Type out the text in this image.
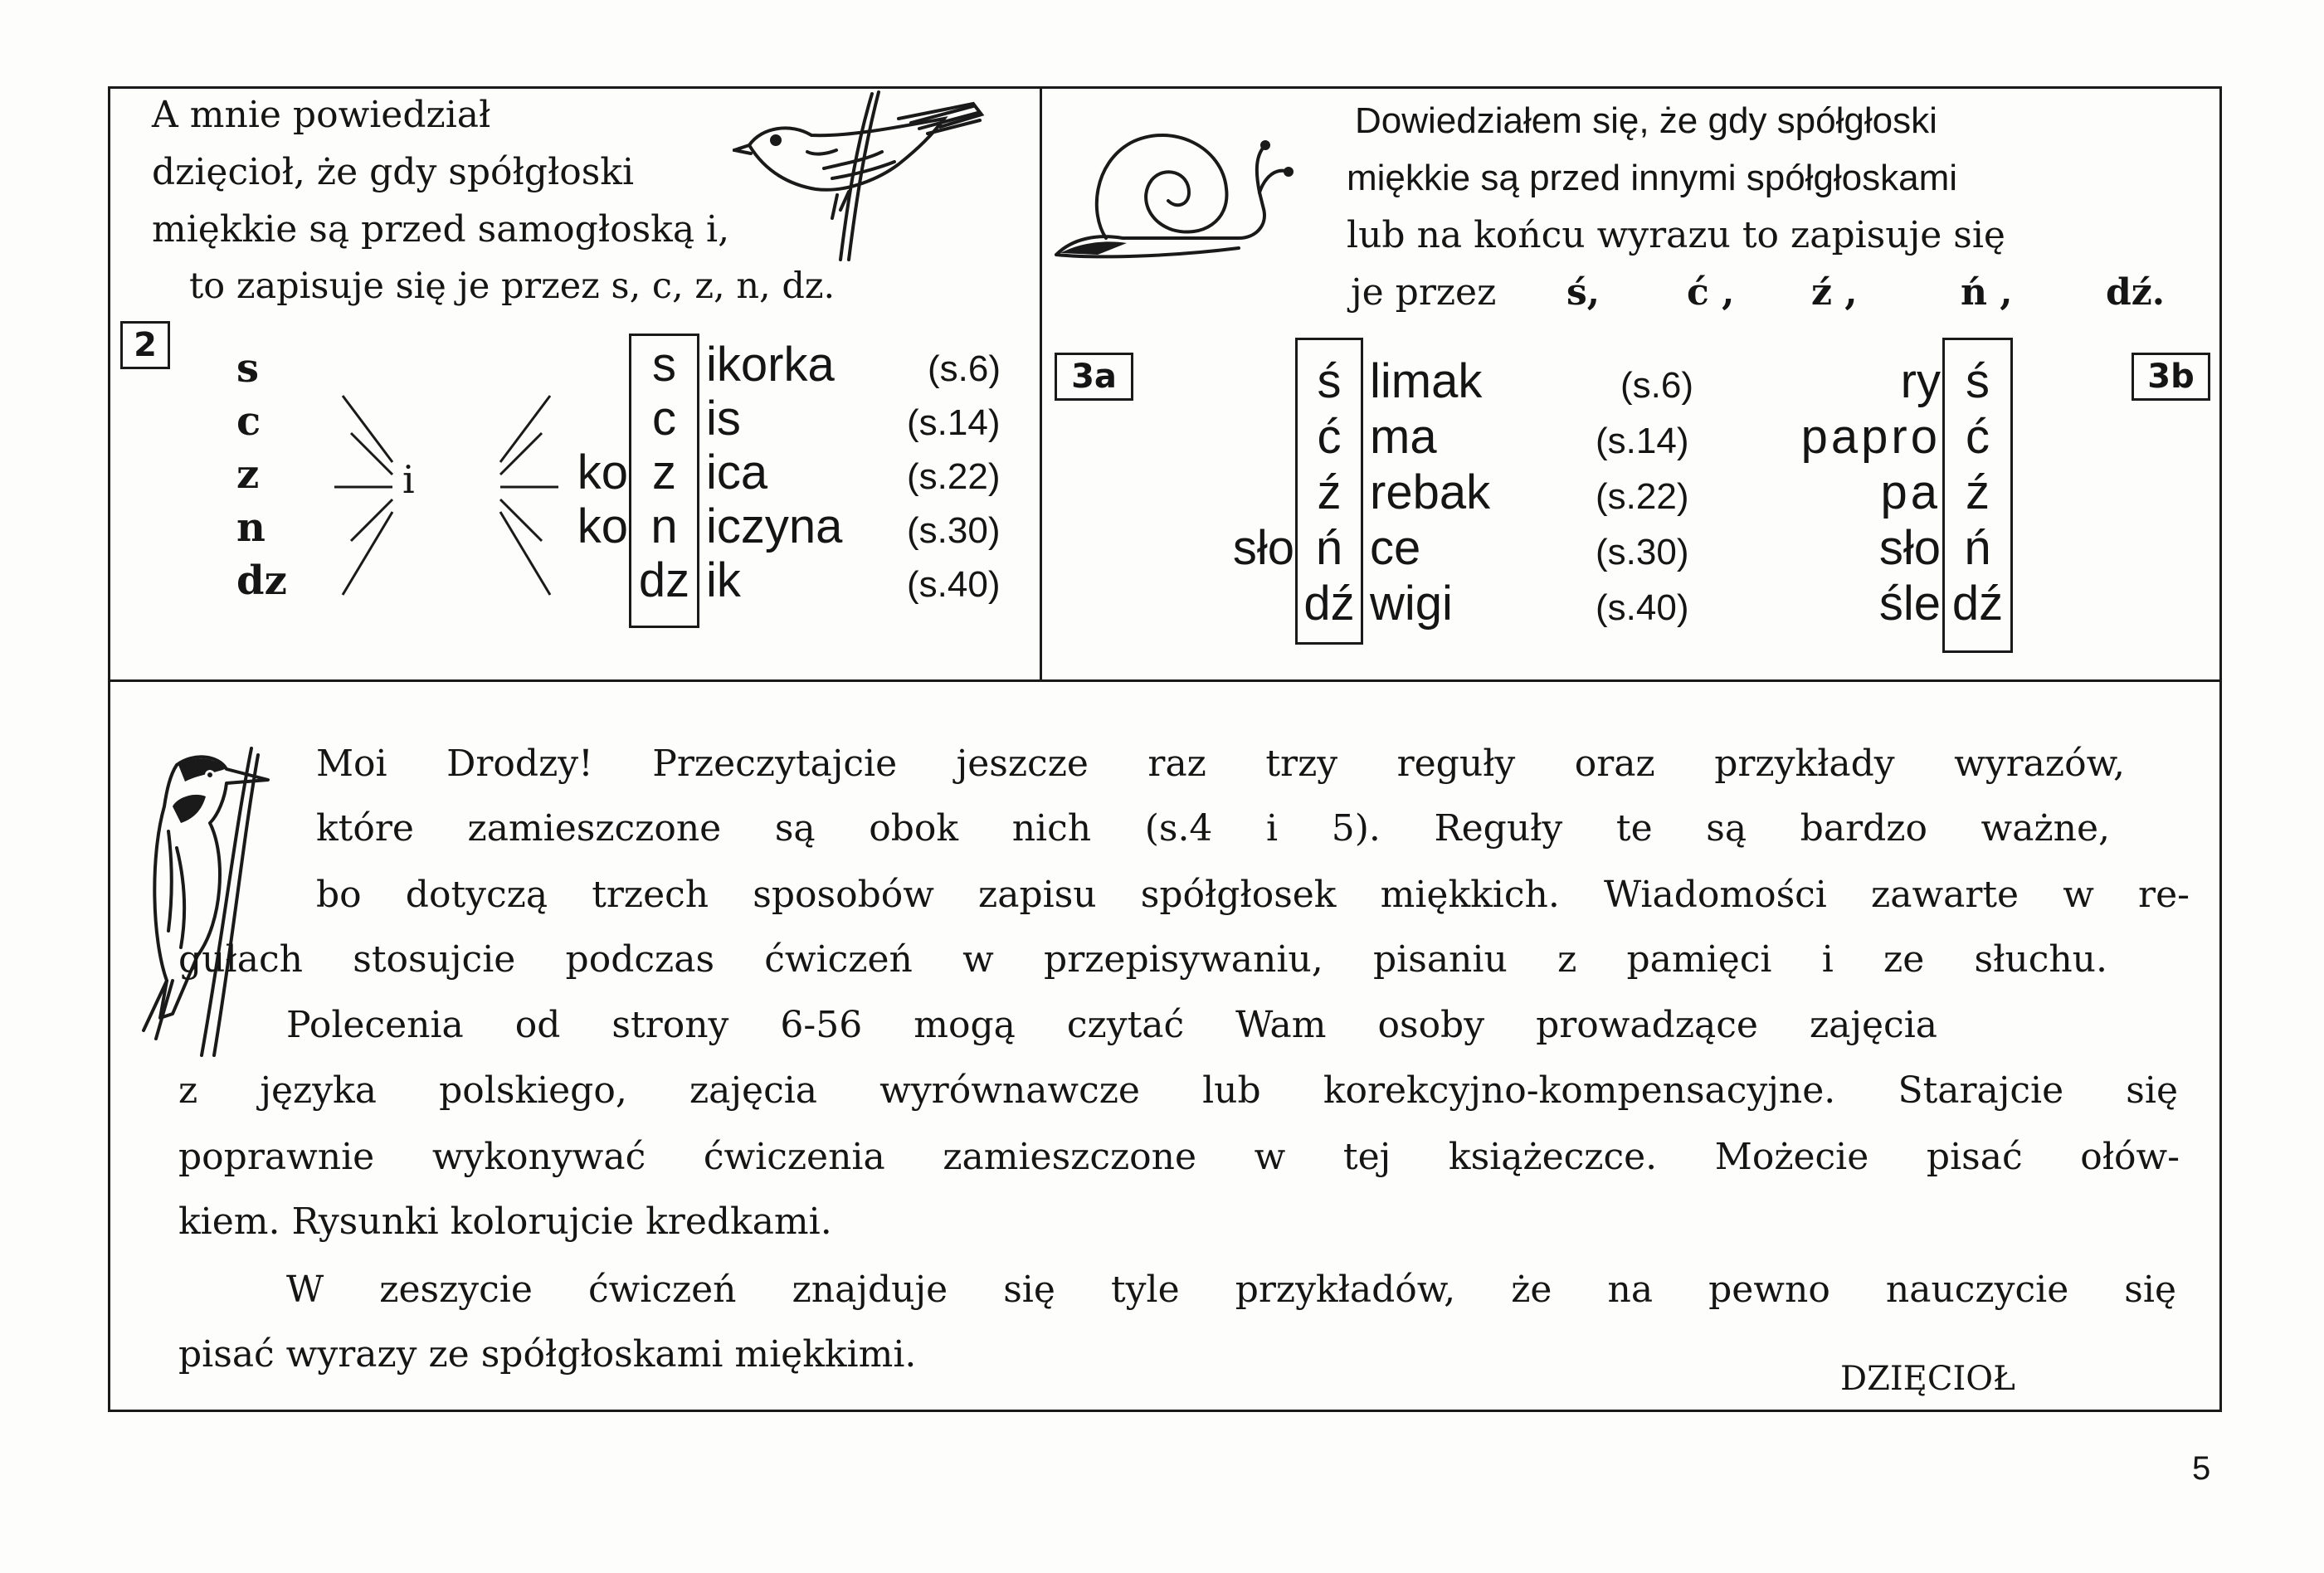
A mnie powiedział
dzięcioł, że gdy spółgłoski
miękkie są przed samogłoską i,
to zapisuje się je przez s, c, z, n, dz.
2	s
c
z
n
dz
i
s ikorka	(s.6)
c is	(s.14)
ko z ica	(s.22)
ko n iczyna (s.30)
dz ik	(s.40)
Dowiedziałem się, że gdy spółgłoski
miękkie są przed innymi spółgłoskami
lub na końcu wyrazu to zapisuje się
je przez ś, ć , ź ,	ń ,	dź.
3a	3b
ś limak	(s.6)
ć ma	(s.14)
ź rebak	(s.22)
sło ń ce	(s.30)
dź wigi	(s.40)
ry ś
papro ć
pa ź
sło ń
śle dź
Moi Drodzy! Przeczytajcie jeszcze raz trzy reguły oraz przykłady wyrazów,
które zamieszczone są obok nich (s.4 i 5). Reguły te są bardzo ważne,
bo dotyczą trzech sposobów zapisu spółgłosek miękkich. Wiadomości zawarte w re-
gułach stosujcie podczas ćwiczeń w przepisywaniu, pisaniu z pamięci i ze słuchu.
Polecenia od strony 6-56 mogą czytać Wam osoby prowadzące zajęcia
z języka polskiego, zajęcia wyrównawcze lub korekcyjno-kompensacyjne. Starajcie się
poprawnie wykonywać ćwiczenia zamieszczone w tej książeczce. Możecie pisać ołów-
kiem. Rysunki kolorujcie kredkami.
W zeszycie ćwiczeń znajduje się tyle przykładów, że na pewno nauczycie się
pisać wyrazy ze spółgłoskami miękkimi.
DZIĘCIOŁ
5
